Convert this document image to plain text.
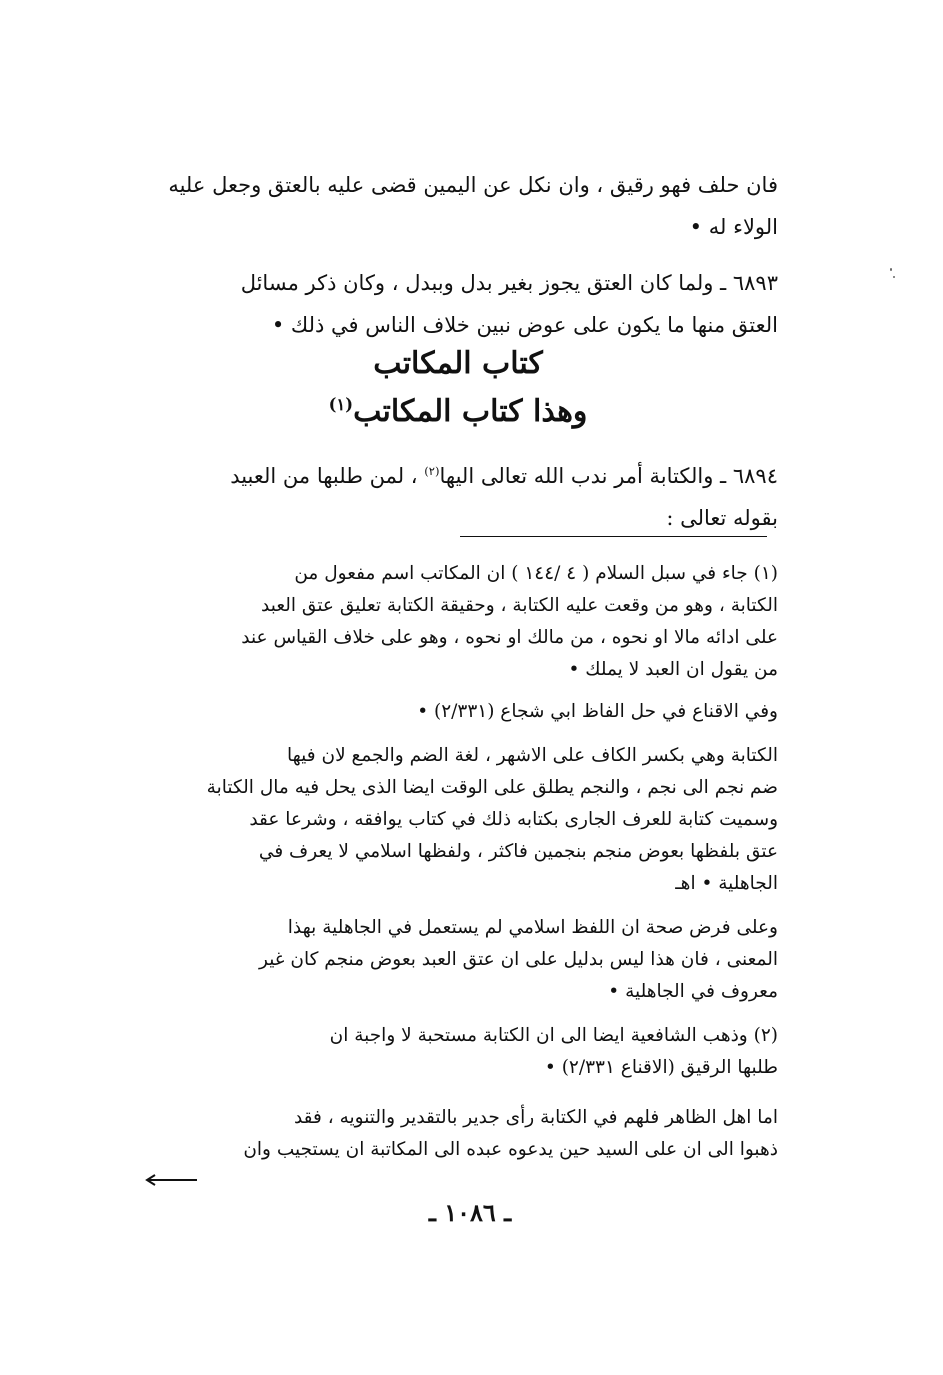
فان حلف فهو رقيق ، وان نكل عن اليمين قضى عليه بالعتق وجعل عليه
الولاء له •
٦٨٩٣ ـ ولما كان العتق يجوز بغير بدل وببدل ، وكان ذكر مسائل
العتق منها ما يكون على عوض نبين خلاف الناس في ذلك •
كتاب المكاتب
وهذا كتاب المكاتب$^{(١)}$
٦٨٩٤ ـ والكتابة أمر ندب الله تعالى اليها$^{(٢)}$ ، لمن طلبها من العبيد
بقوله تعالى :
(١) جاء في سبل السلام ( ٤ /١٤٤ ) ان المكاتب اسم مفعول من
الكتابة ، وهو من وقعت عليه الكتابة ، وحقيقة الكتابة تعليق عتق العبد
على ادائه مالا او نحوه ، من مالك او نحوه ، وهو على خلاف القياس عند
من يقول ان العبد لا يملك •
وفي الاقناع في حل الفاظ ابي شجاع (٢/٣٣١) •
الكتابة وهي بكسر الكاف على الاشهر ، لغة الضم والجمع لان فيها
ضم نجم الى نجم ، والنجم يطلق على الوقت ايضا الذى يحل فيه مال الكتابة
وسميت كتابة للعرف الجارى بكتابه ذلك في كتاب يوافقه ، وشرعا عقد
عتق بلفظها بعوض منجم بنجمين فاكثر ، ولفظها اسلامي لا يعرف في
الجاهلية • اهـ
وعلى فرض صحة ان اللفظ اسلامي لم يستعمل في الجاهلية بهذا
المعنى ، فان هذا ليس بدليل على ان عتق العبد بعوض منجم كان غير
معروف في الجاهلية •
(٢) وذهب الشافعية ايضا الى ان الكتابة مستحبة لا واجبة ان
طلبها الرقيق (الاقناع ٢/٣٣١) •
اما اهل الظاهر فلهم في الكتابة رأى جدير بالتقدير والتنويه ، فقد
ذهبوا الى ان على السيد حين يدعوه عبده الى المكاتبة ان يستجيب وان
ـ ١٠٨٦ ـ
